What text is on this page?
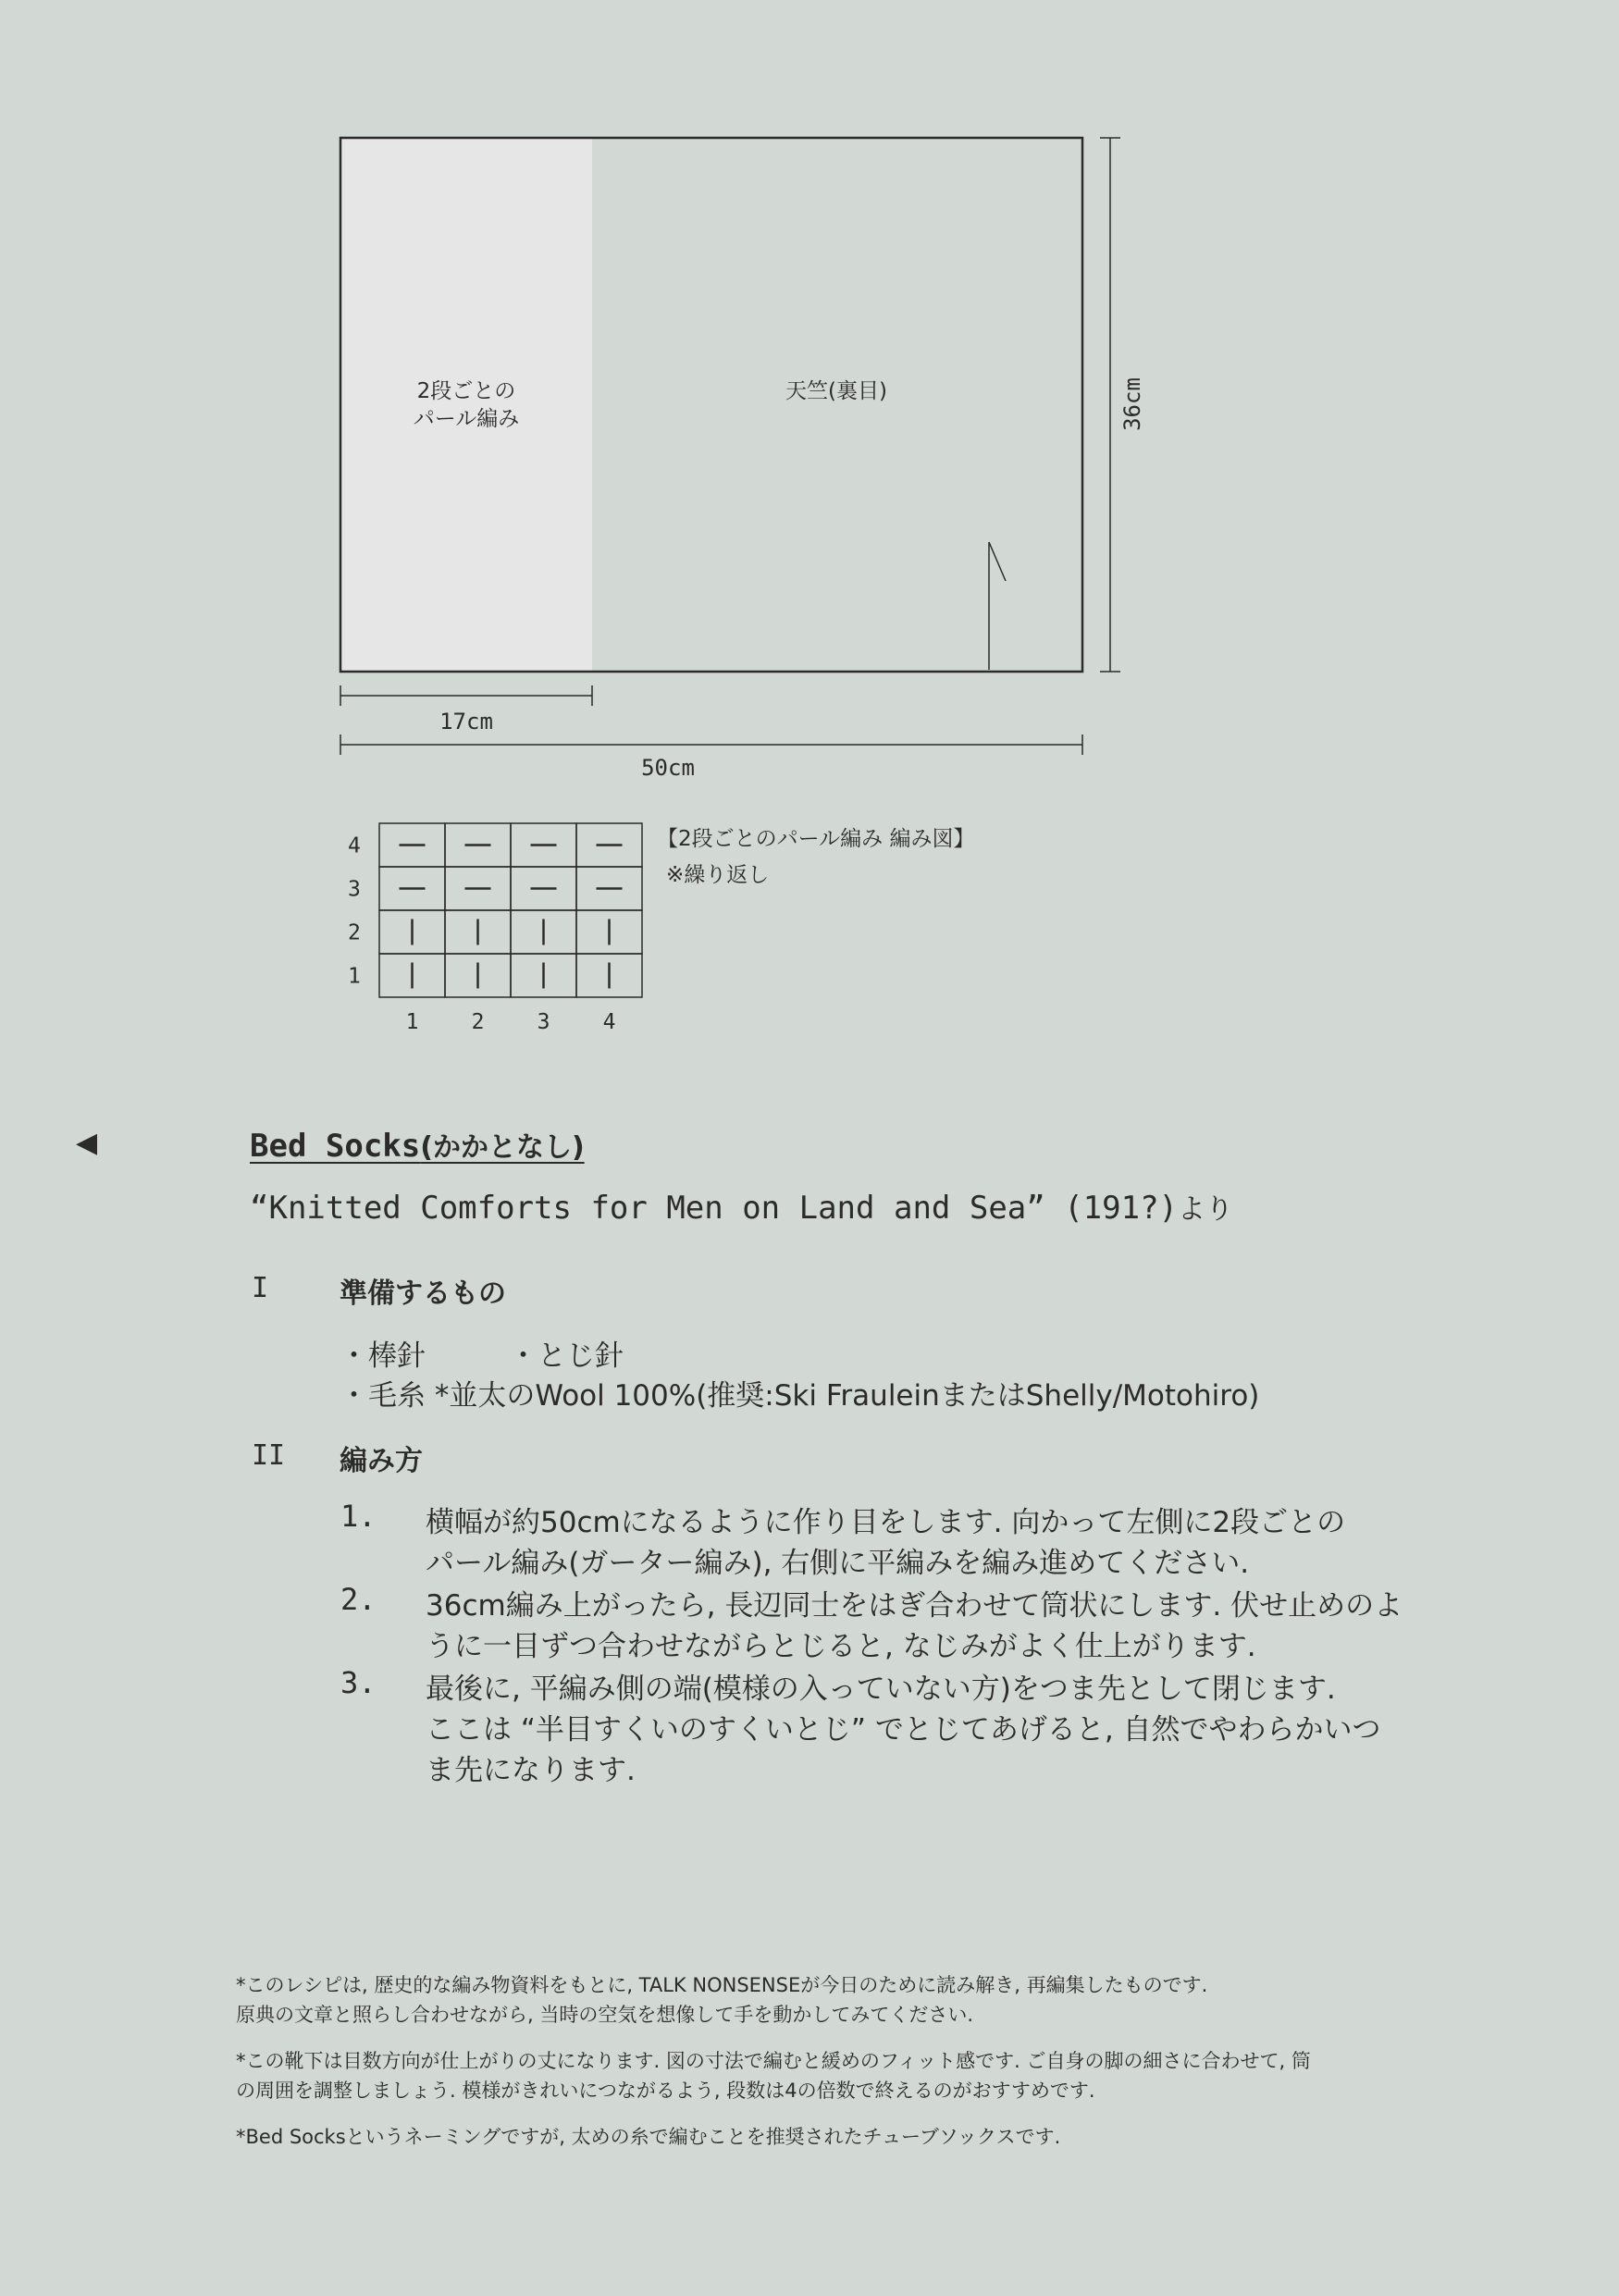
2段ごとの
パール編み
天竺(裏目)	36cm
17cm
50cm
4
3
2
1
1 2 3 4
【2段ごとのパール編み 編み図】
※繰り返し
◀	Bed Socks(かかとなし)
“Knitted Comforts for Men on Land and Sea” (191?)より
I	準備するもの
・棒針	・とじ針
・毛糸 *並太のWool 100%(推奨:Ski FrauleinまたはShelly/Motohiro)
II 編み方
1. 横幅が約50cmになるように作り目をします. 向かって左側に2段ごとの
パール編み(ガーター編み), 右側に平編みを編み進めてください.
2. 36cm編み上がったら, 長辺同士をはぎ合わせて筒状にします. 伏せ止めのよ
うに一目ずつ合わせながらとじると, なじみがよく仕上がります.
3. 最後に, 平編み側の端(模様の入っていない方)をつま先として閉じます.
ここは “半目すくいのすくいとじ” でとじてあげると, 自然でやわらかいつ
ま先になります.
*このレシピは, 歴史的な編み物資料をもとに, TALK NONSENSEが今日のために読み解き, 再編集したものです.
原典の文章と照らし合わせながら, 当時の空気を想像して手を動かしてみてください.
*この靴下は目数方向が仕上がりの丈になります. 図の寸法で編むと緩めのフィット感です. ご自身の脚の細さに合わせて, 筒
の周囲を調整しましょう. 模様がきれいにつながるよう, 段数は4の倍数で終えるのがおすすめです.
*Bed Socksというネーミングですが, 太めの糸で編むことを推奨されたチューブソックスです.
